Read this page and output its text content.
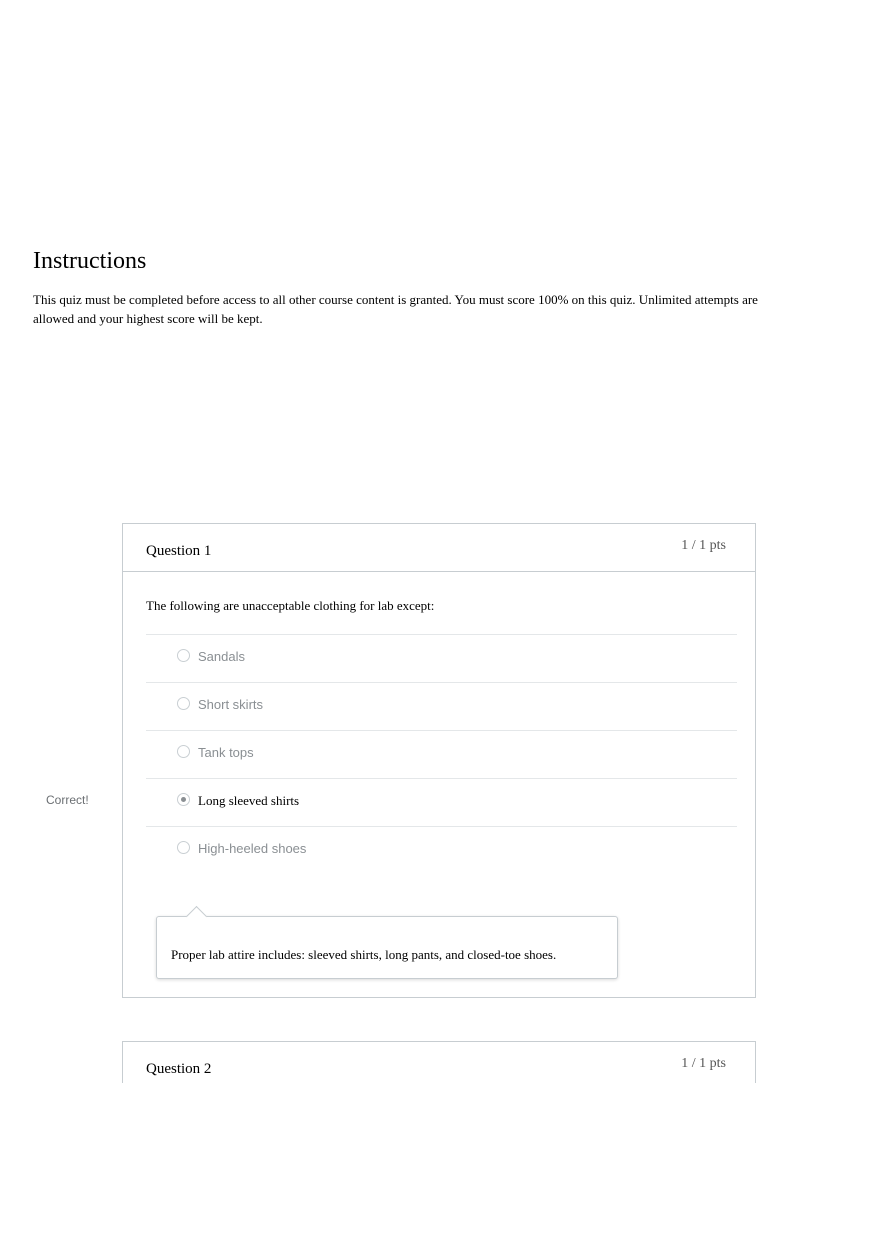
Instructions

This quiz must be completed before access to all other course content is granted. You must score 100% on this quiz. Unlimited attempts are allowed and your highest score will be kept.

Correct!
Question 1	1 / 1 pts
The following are unacceptable clothing for lab except:
Sandals
Short skirts
Tank tops
Long sleeved shirts
High-heeled shoes
Proper lab attire includes: sleeved shirts, long pants, and closed-toe shoes.
Question 2	1 / 1 pts
